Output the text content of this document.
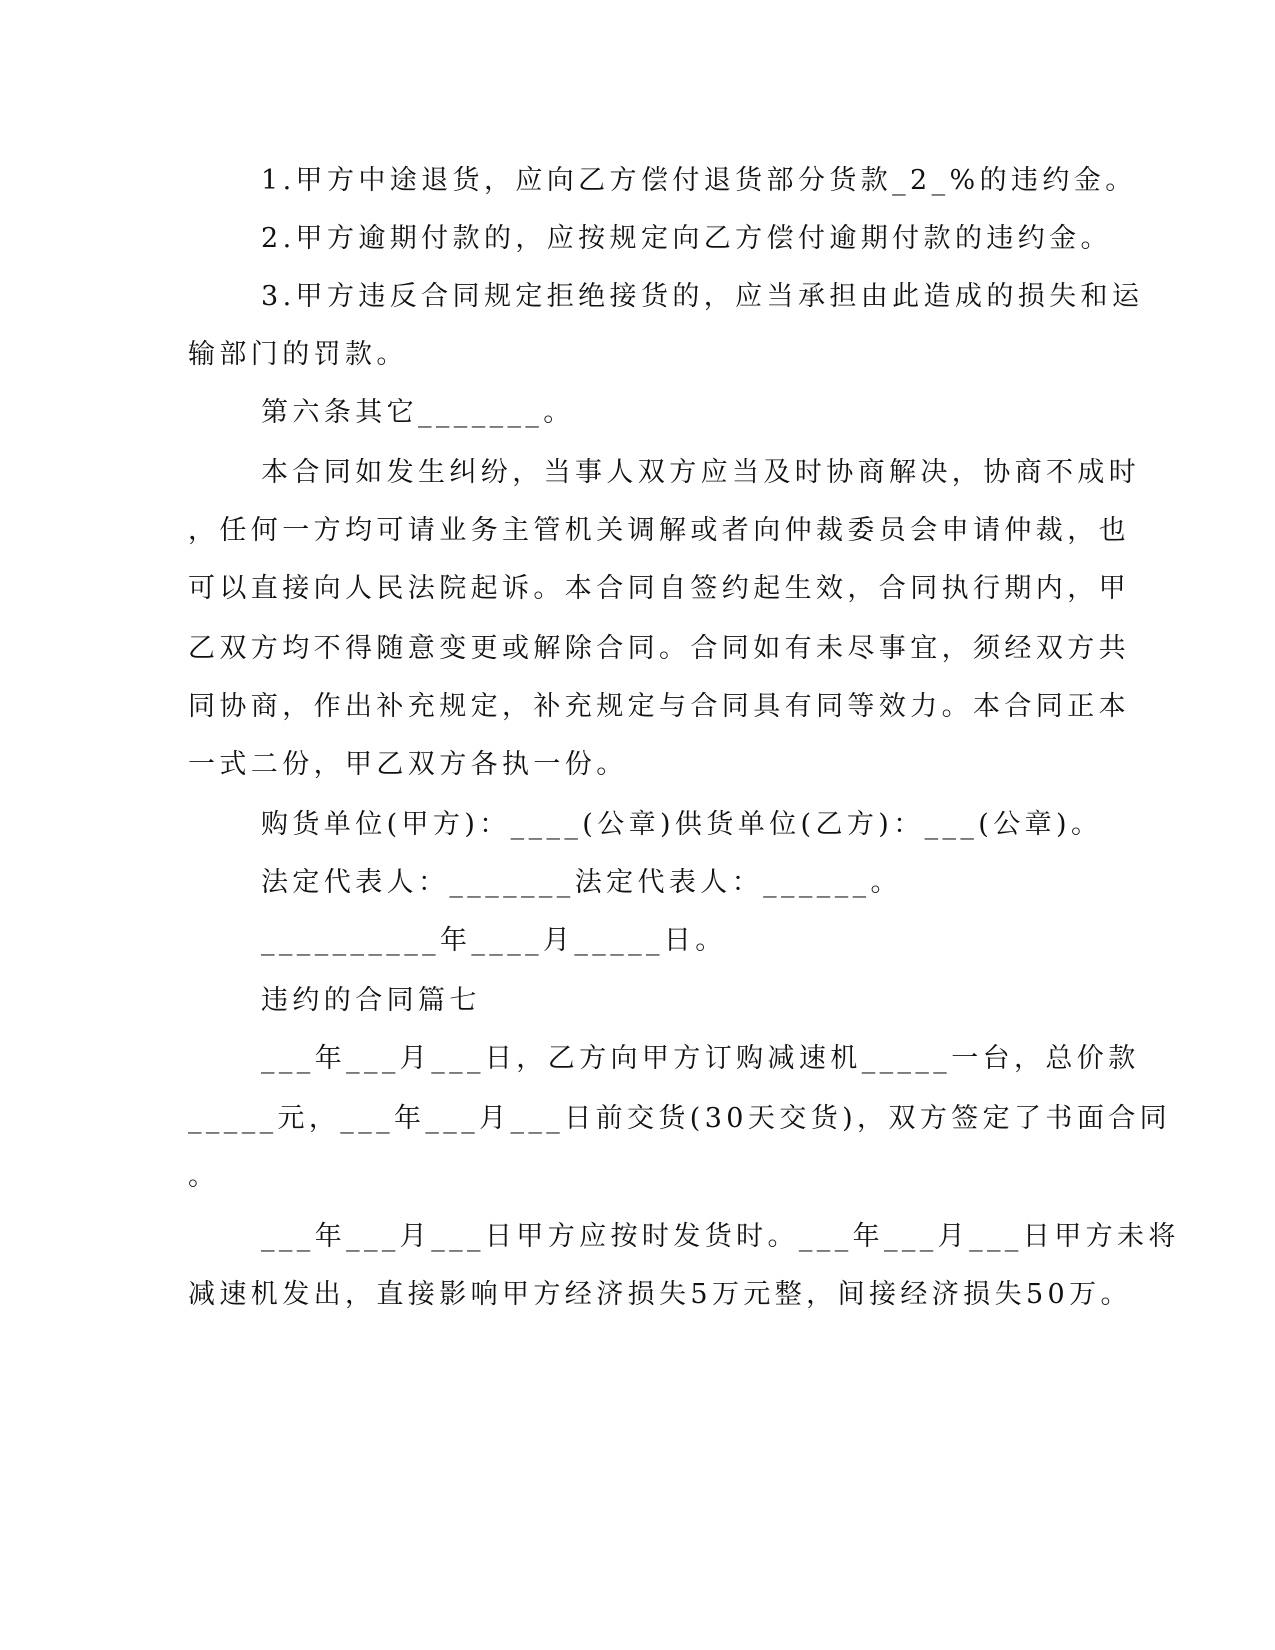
1.甲方中途退货，应向乙方偿付退货部分货款_2_%的违约金。
2.甲方逾期付款的，应按规定向乙方偿付逾期付款的违约金。
3.甲方违反合同规定拒绝接货的，应当承担由此造成的损失和运
输部门的罚款。
第六条其它_______。
本合同如发生纠纷，当事人双方应当及时协商解决，协商不成时
，任何一方均可请业务主管机关调解或者向仲裁委员会申请仲裁，也
可以直接向人民法院起诉。本合同自签约起生效，合同执行期内，甲
乙双方均不得随意变更或解除合同。合同如有未尽事宜，须经双方共
同协商，作出补充规定，补充规定与合同具有同等效力。本合同正本
一式二份，甲乙双方各执一份。
购货单位(甲方)：____(公章)供货单位(乙方)：___(公章)。
法定代表人：_______法定代表人：______。
__________年____月_____日。
违约的合同篇七
___年___月___日，乙方向甲方订购减速机_____一台，总价款
_____元，___年___月___日前交货(30天交货)，双方签定了书面合同
。
___年___月___日甲方应按时发货时。___年___月___日甲方未将
减速机发出，直接影响甲方经济损失5万元整，间接经济损失50万。
